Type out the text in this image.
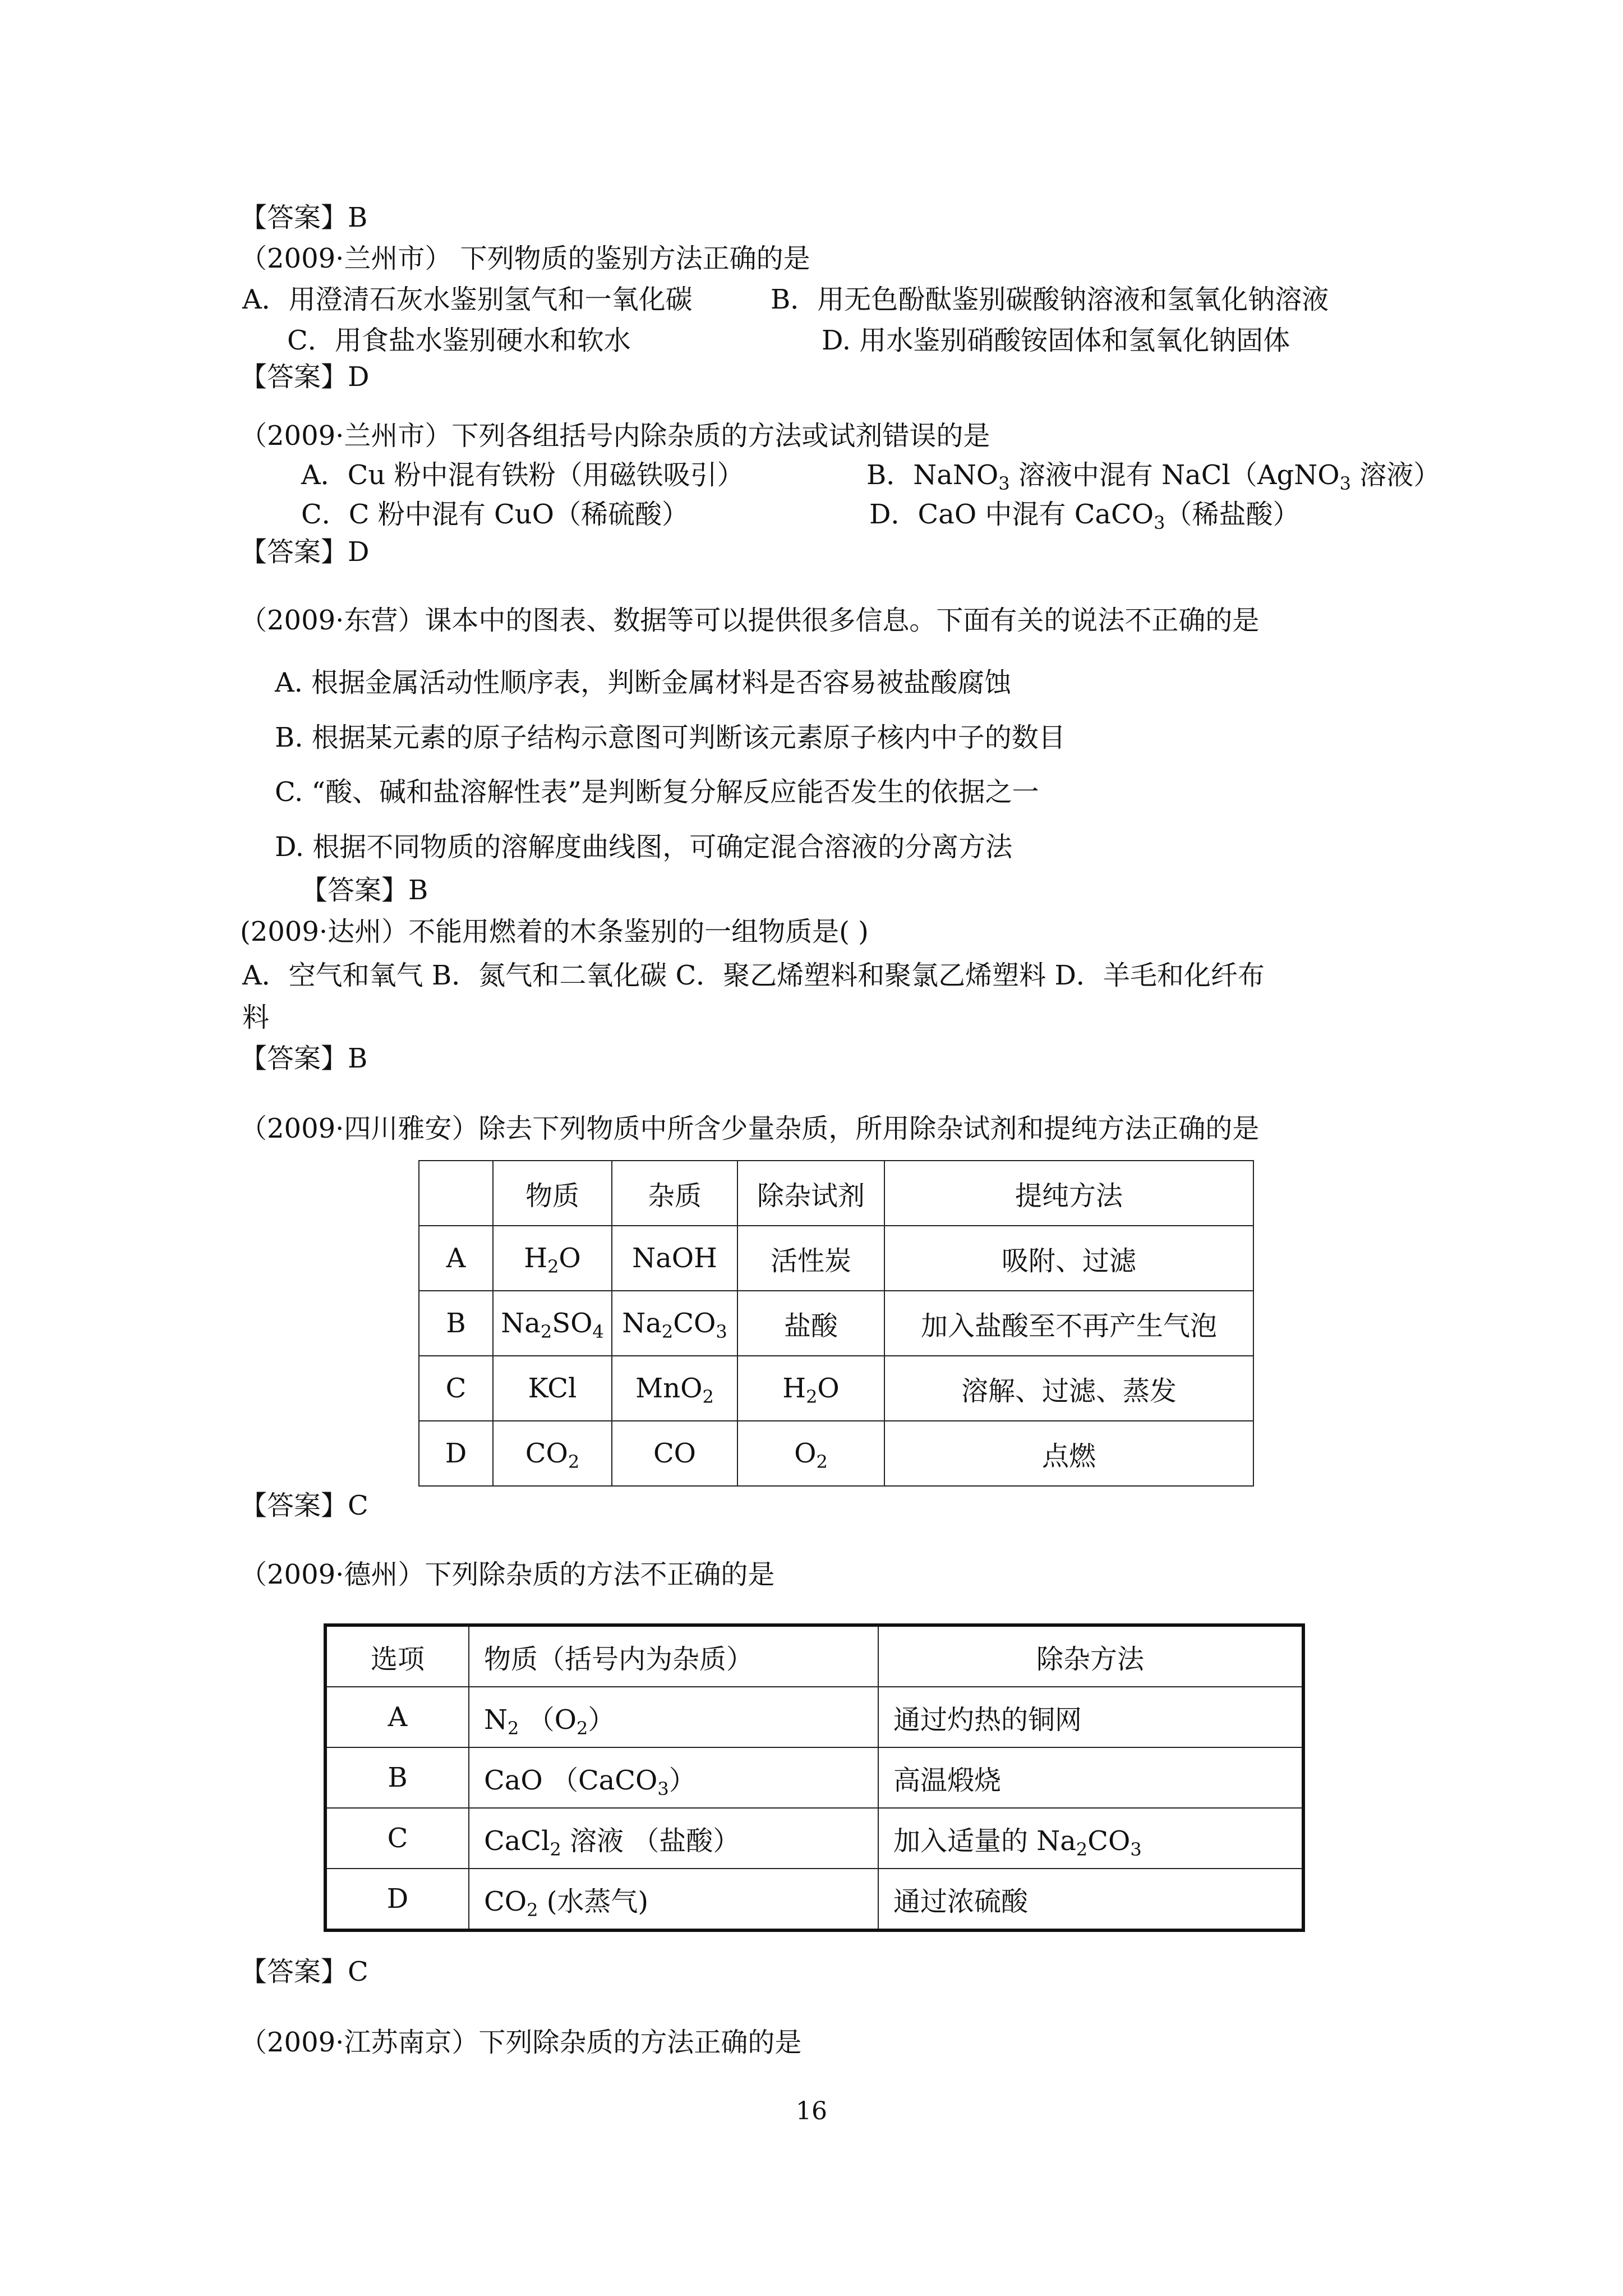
【答案】B
（2009·兰州市） 下列物质的鉴别方法正确的是
A．用澄清石灰水鉴别氢气和一氧化碳	B．用无色酚酞鉴别碳酸钠溶液和氢氧化钠溶液
C．用食盐水鉴别硬水和软水	D. 用水鉴别硝酸铵固体和氢氧化钠固体
【答案】D
（2009·兰州市）下列各组括号内除杂质的方法或试剂错误的是
A．Cu 粉中混有铁粉（用磁铁吸引）	B．NaNO$_3$ 溶液中混有 NaCl（AgNO$_3$ 溶液）
C．C 粉中混有 CuO（稀硫酸）	D．CaO 中混有 CaCO$_3$（稀盐酸）
【答案】D
（2009·东营）课本中的图表、数据等可以提供很多信息。下面有关的说法不正确的是
A. 根据金属活动性顺序表，判断金属材料是否容易被盐酸腐蚀
B. 根据某元素的原子结构示意图可判断该元素原子核内中子的数目
C. “酸、碱和盐溶解性表”是判断复分解反应能否发生的依据之一
D. 根据不同物质的溶解度曲线图，可确定混合溶液的分离方法
【答案】B
(2009·达州）不能用燃着的木条鉴别的一组物质是( )
A．空气和氧气 B．氮气和二氧化碳 C．聚乙烯塑料和聚氯乙烯塑料 D．羊毛和化纤布
料
【答案】B
（2009·四川雅安）除去下列物质中所含少量杂质，所用除杂试剂和提纯方法正确的是
	物质	杂质	除杂试剂	提纯方法
A	$H_2O$	NaOH	活性炭	吸附、过滤
B	$Na_2SO_4$	$Na_2CO_3$	盐酸	加入盐酸至不再产生气泡
C	KCl	MnO$_2$	$H_2O$	溶解、过滤、蒸发
D	$CO_2$	CO	$O_2$	点燃
【答案】C
（2009·德州）下列除杂质的方法不正确的是
选项	物质（括号内为杂质）	除杂方法
A	$N_2$ $(O_2)$	通过灼热的铜网
B	CaO （CaCO$_3$）	高温煅烧
C	CaCl$_2$ 溶液 （盐酸）	加入适量的 $Na_2CO_3$
D	$CO_2$ (水蒸气)	通过浓硫酸
【答案】C
（2009·江苏南京）下列除杂质的方法正确的是
16
